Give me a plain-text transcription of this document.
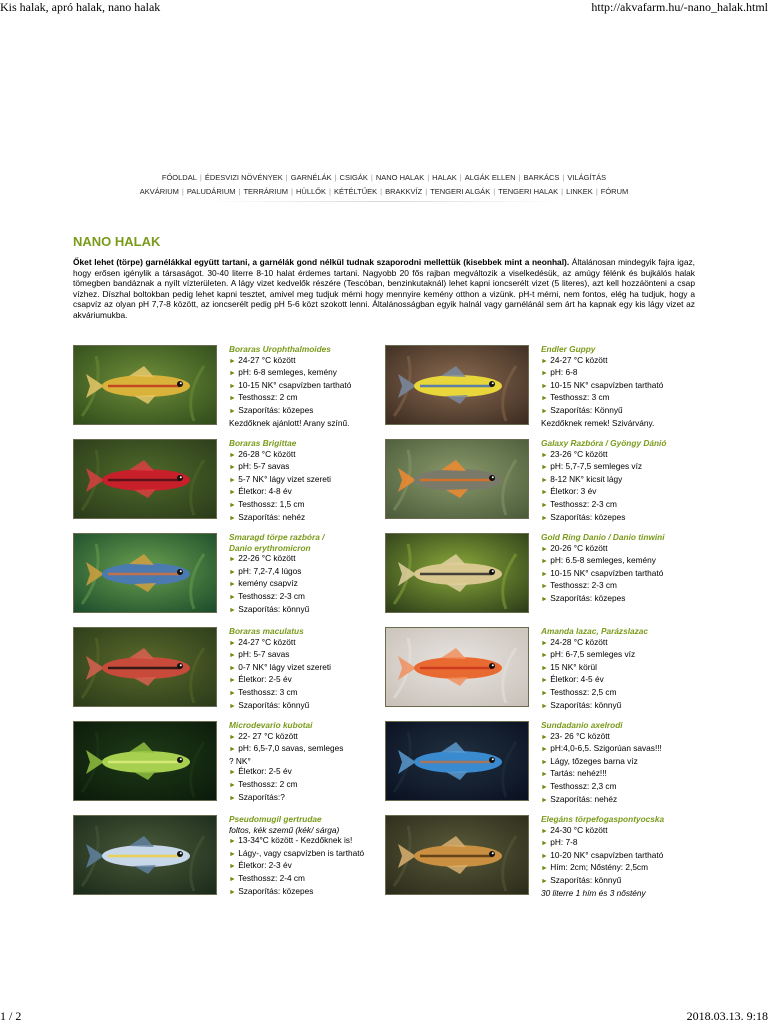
Kis halak, apró halak, nano halak	http://akvafarm.hu/-nano_halak.html
FŐOLDAL | ÉDESVIZI NÖVÉNYEK | GARNÉLÁK | CSIGÁK | NANO HALAK | HALAK | ALGÁK ELLEN | BARKÁCS | VILÁGÍTÁS
AKVÁRIUM | PALUDÁRIUM | TERRÁRIUM | HÜLLŐK | KÉTÉLTŰEK | BRAKKVÍZ | TENGERI ALGÁK | TENGERI HALAK | LINKEK | FÓRUM
NANO HALAK
Őket lehet (törpe) garnélákkal együtt tartani, a garnélák gond nélkül tudnak szaporodni mellettük (kisebbek mint a neonhal). Általánosan mindegyik fajra igaz, hogy erősen igénylik a társaságot. 30-40 literre 8-10 halat érdemes tartani. Nagyobb 20 fős rajban megváltozik a viselkedésük, az amúgy félénk és bujkálós halak tömegben bandáznak a nyílt vízterületen. A lágy vizet kedvelők részére (Tescóban, benzinkutaknál) lehet kapni ioncserélt vizet (5 literes), azt kell hozzáönteni a csap vízhez. Díszhal boltokban pedig lehet kapni tesztet, amivel meg tudjuk mérni hogy mennyire kemény otthon a vizünk. pH-t mérni, nem fontos, elég ha tudjuk, hogy a csapvíz az olyan pH 7,7-8 között, az ioncserélt pedig pH 5-6 közt szokott lenni. Általánosságban egyik halnál vagy garnélánál sem árt ha kapnak egy kis lágy vizet az akváriumukba.
Boraras Urophthalmoides
► 24-27 °C között
► pH: 6-8 semleges, kemény
► 10-15 NK° csapvízben tartható
► Testhossz: 2 cm
► Szaporítás: közepes
Kezdőknek ajánlott! Arany színű.
Endler Guppy
► 24-27 °C között
► pH: 6-8
► 10-15 NK° csapvízben tartható
► Testhossz: 3 cm
► Szaporítás: Könnyű
Kezdőknek remek! Szivárvány.
Boraras Brigittae
► 26-28 °C között
► pH: 5-7 savas
► 5-7 NK° lágy vizet szereti
► Életkor: 4-8 év
► Testhossz: 1,5 cm
► Szaporítás: nehéz
Galaxy Razbóra / Gyöngy Dánió
► 23-26 °C között
► pH: 5,7-7,5 semleges víz
► 8-12 NK° kicsit lágy
► Életkor: 3 év
► Testhossz: 2-3 cm
► Szaporítás: közepes
Smaragd törpe razbóra /
Danio erythromicron
► 22-26 °C között
► pH: 7,2-7,4 lúgos
► kemény csapvíz
► Testhossz: 2-3 cm
► Szaporítás: könnyű
Gold Ring Danio / Danio tinwini
► 20-26 °C között
► pH: 6.5-8 semleges, kemény
► 10-15 NK° csapvízben tartható
► Testhossz: 2-3 cm
► Szaporítás: közepes
Boraras maculatus
► 24-27 °C között
► pH: 5-7 savas
► 0-7 NK° lágy vizet szereti
► Életkor: 2-5 év
► Testhossz: 3 cm
► Szaporítás: könnyű
Amanda lazac, Parázslazac
► 24-28 °C között
► pH: 6-7,5 semleges víz
► 15 NK° körül
► Életkor: 4-5 év
► Testhossz: 2,5 cm
► Szaporítás: könnyű
Microdevario kubotai
► 22- 27 °C között
► pH: 6,5-7,0 savas, semleges
? NK°
► Életkor: 2-5 év
► Testhossz: 2 cm
► Szaporítás:?
Sundadanio axelrodi
► 23- 26 °C között
► pH:4,0-6,5. Szigorúan savas!!!
► Lágy, tőzeges barna víz
► Tartás: nehéz!!!
► Testhossz: 2,3 cm
► Szaporítás: nehéz
Pseudomugil gertrudae
foltos, kék szemű (kék/ sárga)
► 13-34°C között - Kezdőknek is!
► Lágy-, vagy csapvízben is tartható
► Életkor: 2-3 év
► Testhossz: 2-4 cm
► Szaporítás: közepes
Elegáns törpefogaspontyocska
► 24-30 °C között
► pH: 7-8
► 10-20 NK° csapvízben tartható
► Hím: 2cm; Nőstény: 2,5cm
► Szaporítás: könnyű
30 literre 1 hím és 3 nőstény
1 / 2	2018.03.13. 9:18
